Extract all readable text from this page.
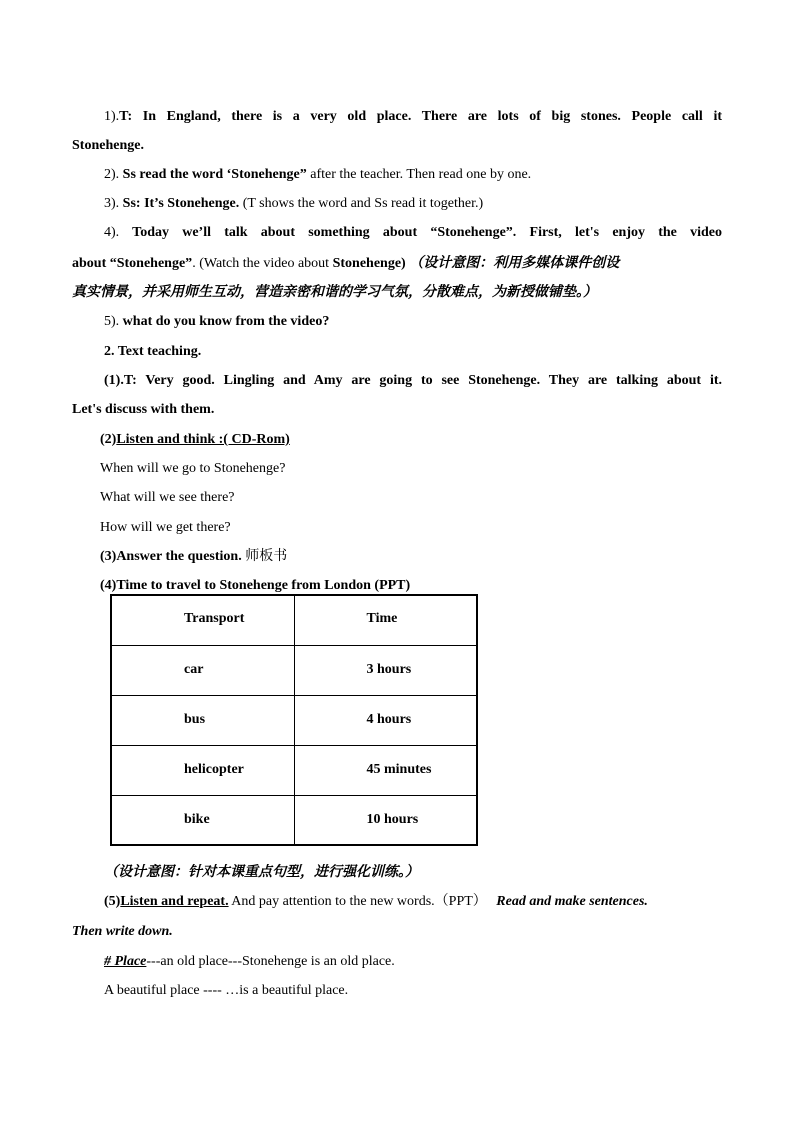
1).T: In England, there is a very old place. There are lots of big stones. People call it
Stonehenge.
2). Ss read the word ‘Stonehenge” after the teacher. Then read one by one.
3). Ss: It’s Stonehenge. (T shows the word and Ss read it together.)
4). Today we’ll talk about something about “Stonehenge”. First, let's enjoy the video
about “Stonehenge”. (Watch the video about Stonehenge) （设计意图：利用多媒体课件创设
真实情景，并采用师生互动，营造亲密和谐的学习气氛，分散难点，为新授做铺垫。）
5). what do you know from the video?
2. Text teaching.
(1).T: Very good. Lingling and Amy are going to see Stonehenge. They are talking about it.
Let's discuss with them.
(2)Listen and think :( CD-Rom)
When will we go to Stonehenge?
What will we see there?
How will we get there?
(3)Answer the question. 师板书
(4)Time to travel to Stonehenge from London (PPT)
Transport	Time
car	3 hours
bus	4 hours
helicopter	45 minutes
bike	10 hours
（设计意图：针对本课重点句型，进行强化训练。）
(5)Listen and repeat. And pay attention to the new words.（PPT） Read and make sentences.
Then write down.
# Place---an old place---Stonehenge is an old place.
A beautiful place ---- …is a beautiful place.
